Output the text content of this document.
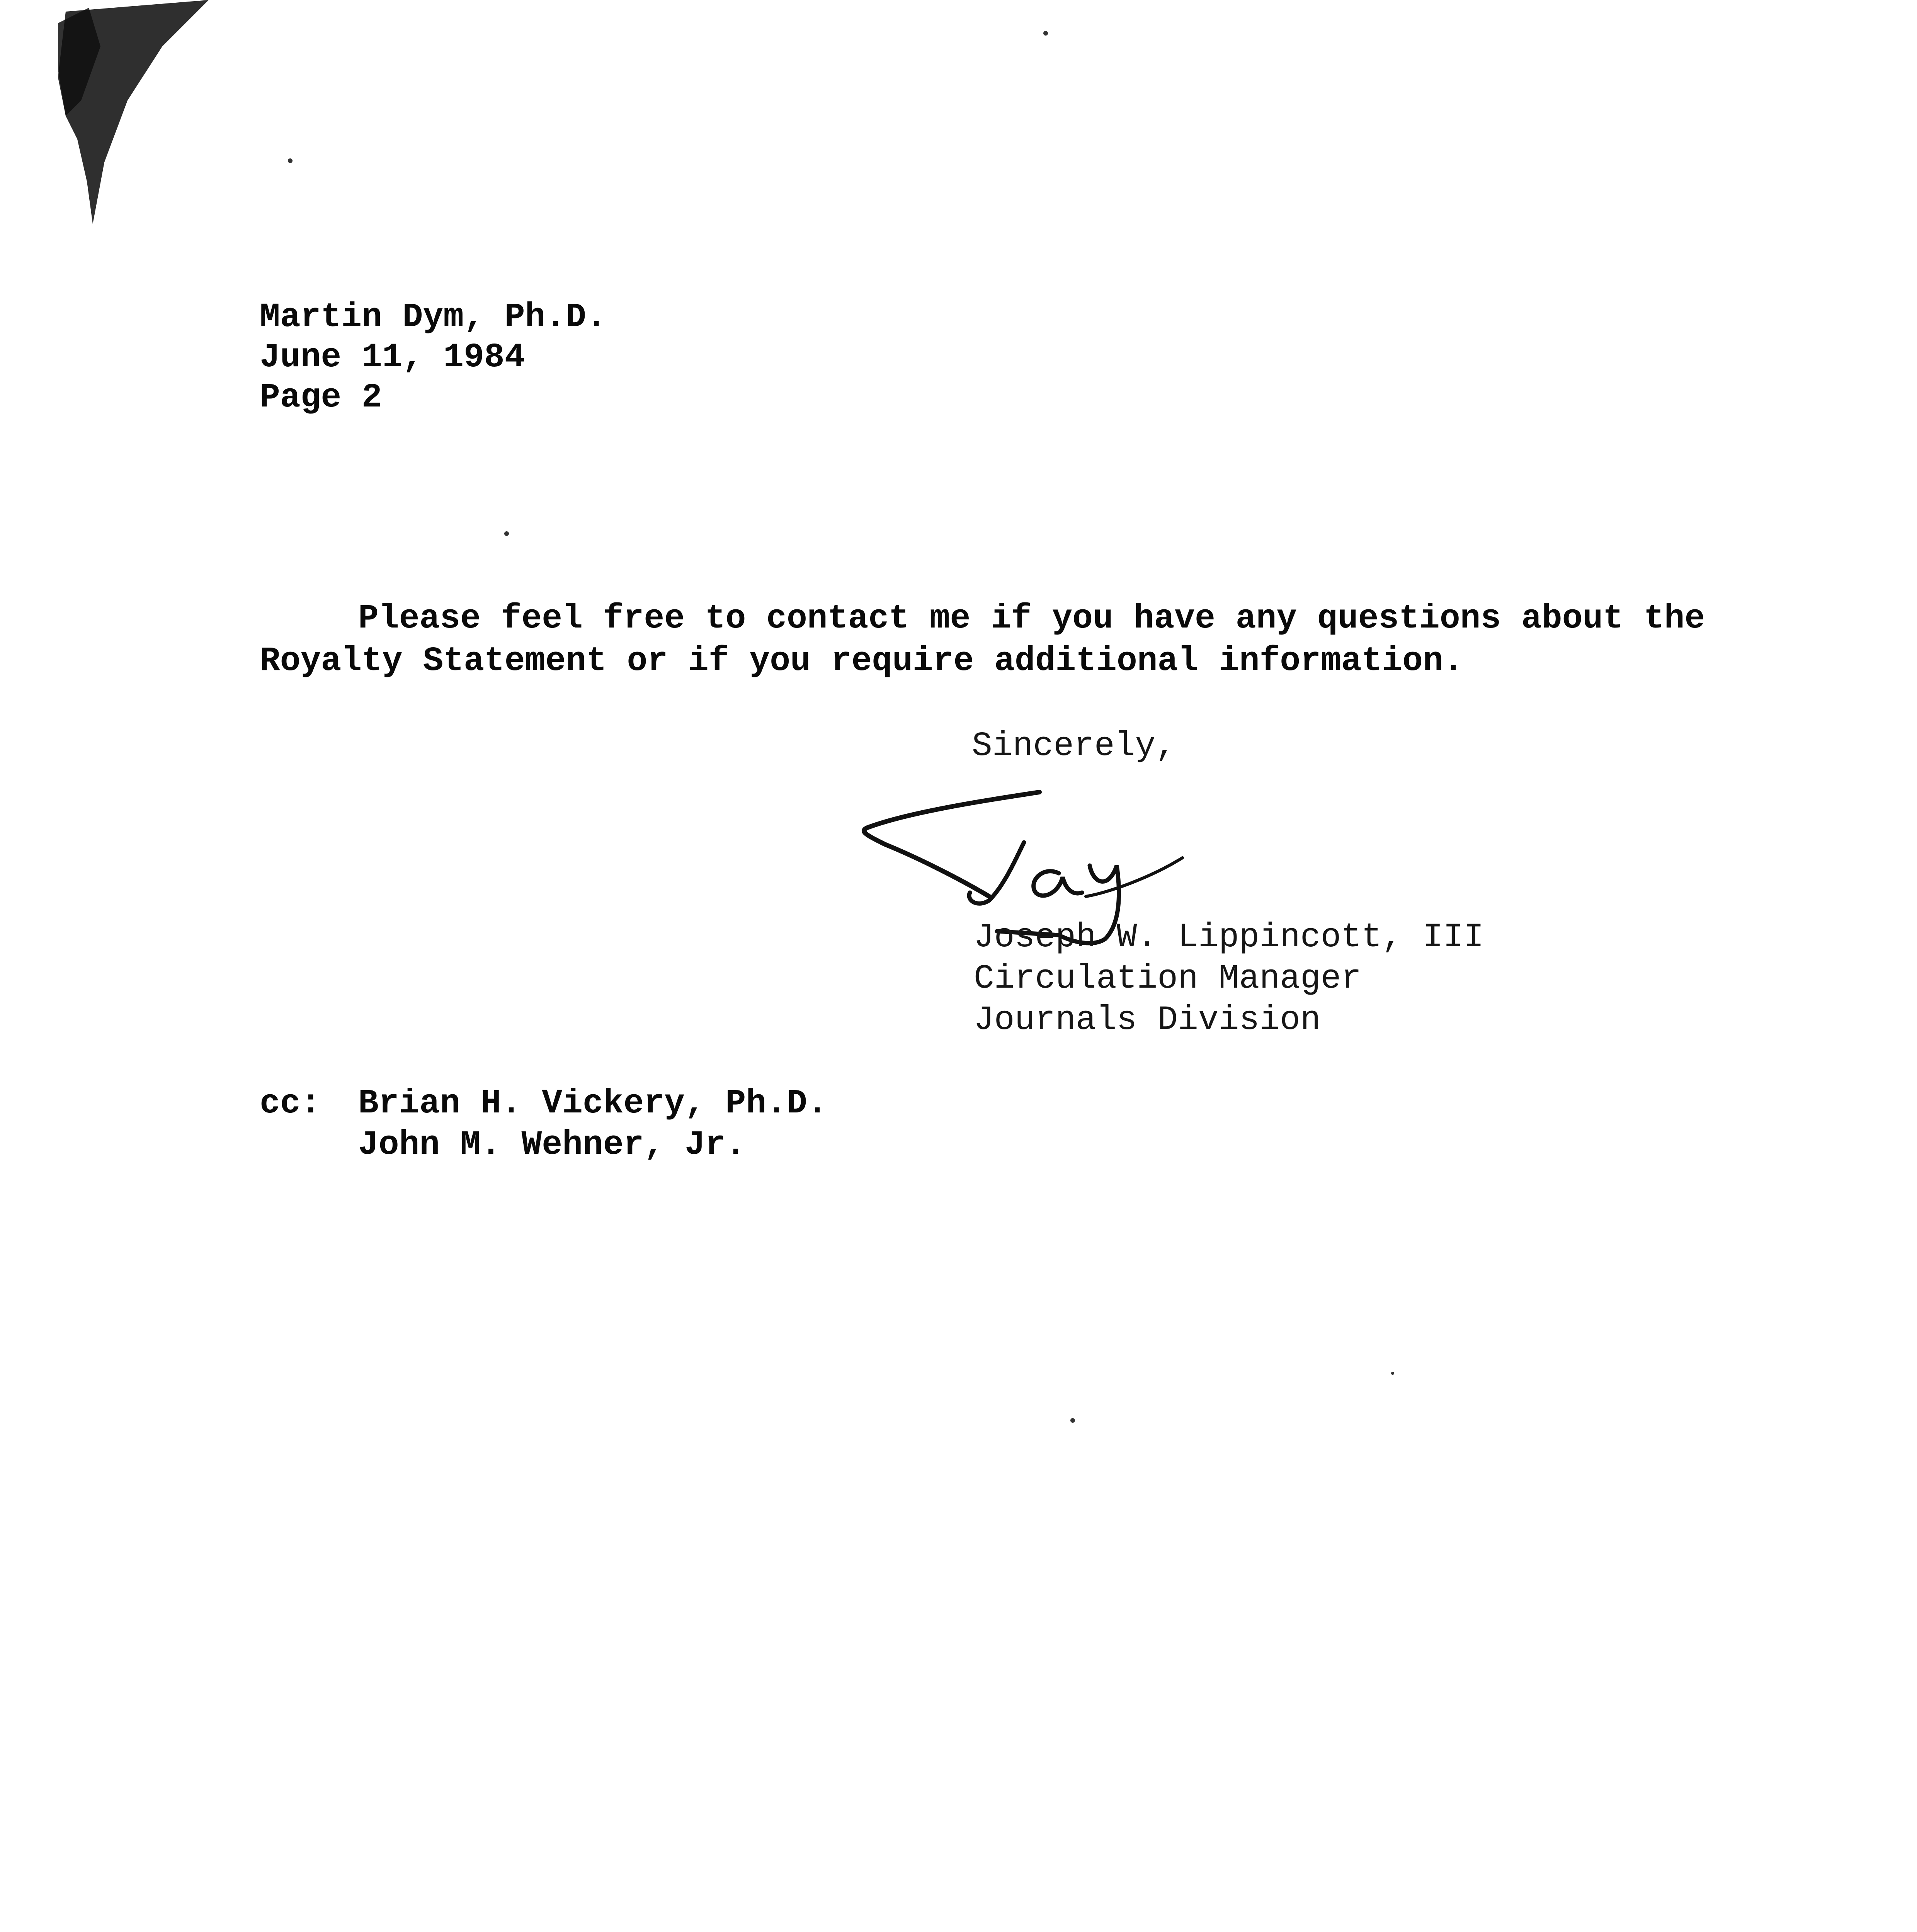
Martin Dym, Ph.D.

June 11, 1984

Page 2

Please feel free to contact me if you have any questions about the

Royalty Statement or if you require additional information.

Sincerely,

Joseph W. Lippincott, III

Circulation Manager

Journals Division

cc: Brian H. Vickery, Ph.D.

John M. Wehner, Jr.
